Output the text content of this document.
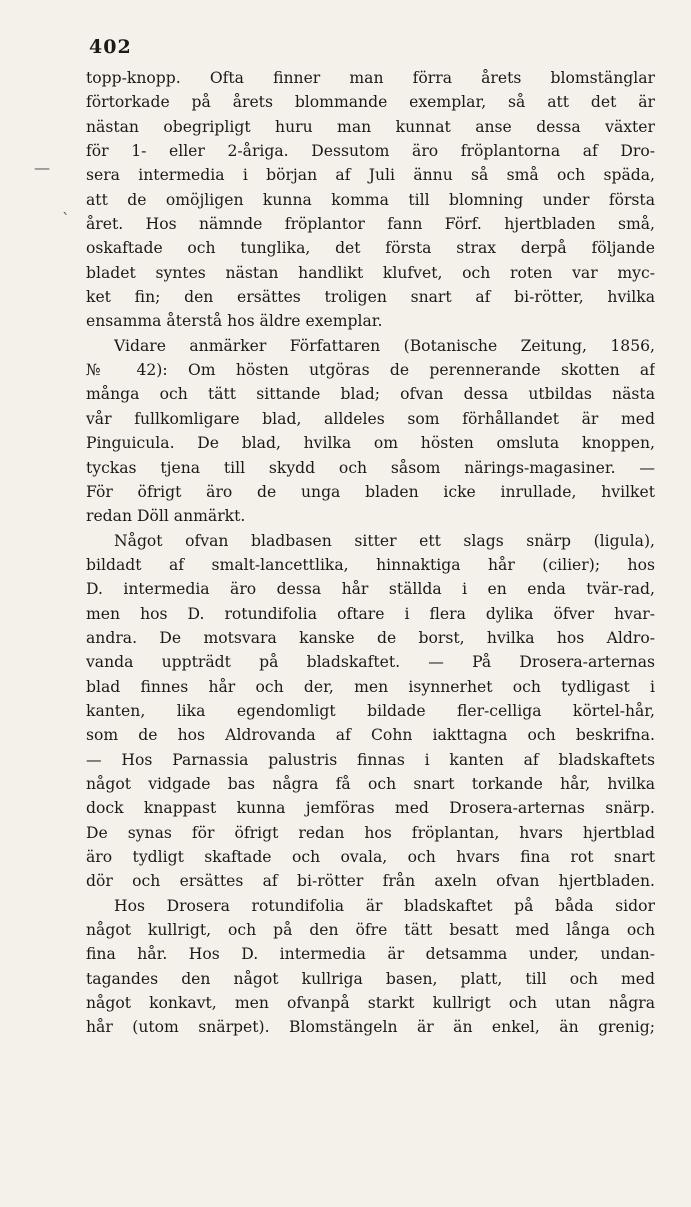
402
—
`
topp-knopp. Ofta finner man förra årets blomstänglar
förtorkade på årets blommande exemplar, så att det är
nästan obegripligt huru man kunnat anse dessa växter
för 1- eller 2-åriga. Dessutom äro fröplantorna af Dro-
sera intermedia i början af Juli ännu så små och späda,
att de omöjligen kunna komma till blomning under första
året. Hos nämnde fröplantor fann Förf. hjertbladen små,
oskaftade och tunglika, det första strax derpå följande
bladet syntes nästan handlikt klufvet, och roten var myc-
ket fin; den ersättes troligen snart af bi-rötter, hvilka
ensamma återstå hos äldre exemplar.
Vidare anmärker Författaren (Botanische Zeitung, 1856,
№ 42): Om hösten utgöras de perennerande skotten af
många och tätt sittande blad; ofvan dessa utbildas nästa
vår fullkomligare blad, alldeles som förhållandet är med
Pinguicula. De blad, hvilka om hösten omsluta knoppen,
tyckas tjena till skydd och såsom närings-magasiner. —
För öfrigt äro de unga bladen icke inrullade, hvilket
redan Döll anmärkt.
Något ofvan bladbasen sitter ett slags snärp (ligula),
bildadt af smalt-lancettlika, hinnaktiga hår (cilier); hos
D. intermedia äro dessa hår ställda i en enda tvär-rad,
men hos D. rotundifolia oftare i flera dylika öfver hvar-
andra. De motsvara kanske de borst, hvilka hos Aldro-
vanda uppträdt på bladskaftet. — På Drosera-arternas
blad finnes hår och der, men isynnerhet och tydligast i
kanten, lika egendomligt bildade fler-celliga körtel-hår,
som de hos Aldrovanda af Cohn iakttagna och beskrifna.
— Hos Parnassia palustris finnas i kanten af bladskaftets
något vidgade bas några få och snart torkande hår, hvilka
dock knappast kunna jemföras med Drosera-arternas snärp.
De synas för öfrigt redan hos fröplantan, hvars hjertblad
äro tydligt skaftade och ovala, och hvars fina rot snart
dör och ersättes af bi-rötter från axeln ofvan hjertbladen.
Hos Drosera rotundifolia är bladskaftet på båda sidor
något kullrigt, och på den öfre tätt besatt med långa och
fina hår. Hos D. intermedia är detsamma under, undan-
tagandes den något kullriga basen, platt, till och med
något konkavt, men ofvanpå starkt kullrigt och utan några
hår (utom snärpet). Blomstängeln är än enkel, än grenig;
